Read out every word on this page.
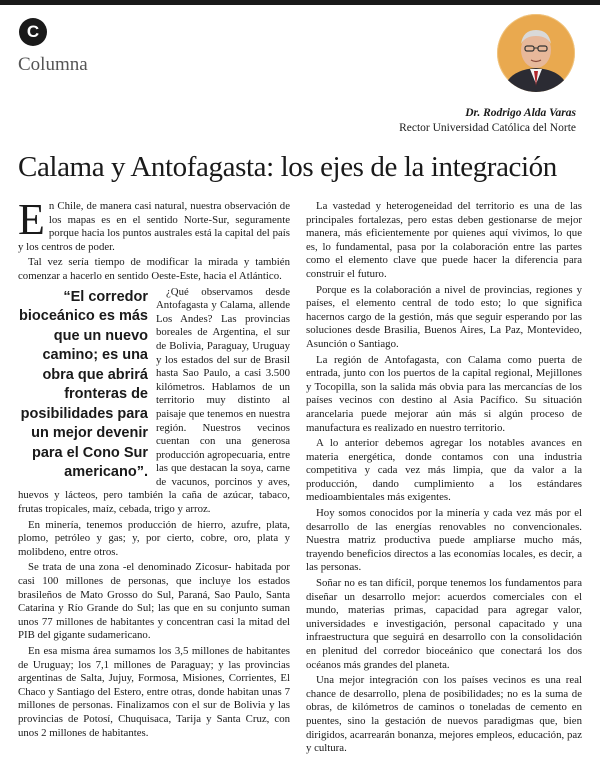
C
Columna
Dr. Rodrigo Alda Varas
Rector Universidad Católica del Norte
Calama y Antofagasta: los ejes de la integración

En Chile, de manera casi natural, nuestra observación de los mapas es en el sentido Norte-Sur, seguramente porque hacia los puntos australes está la capital del país y los centros de poder.

Tal vez sería tiempo de modificar la mirada y también comenzar a hacerlo en sentido Oeste-Este, hacia el Atlántico.

“El corredor bioceánico es más que un nuevo camino; es una obra que abrirá fronteras de posibilidades para un mejor devenir para el Cono Sur americano”.
¿Qué observamos desde Antofagasta y Calama, allende Los Andes? Las provincias boreales de Argentina, el sur de Bolivia, Paraguay, Uruguay y los estados del sur de Brasil hasta Sao Paulo, a casi 3.500 kilómetros. Hablamos de un territorio muy distinto al paisaje que tenemos en nuestra región. Nuestros vecinos cuentan con una generosa producción agropecuaria, entre las que destacan la soya, carne de vacunos, porcinos y aves, huevos y lácteos, pero también la caña de azúcar, tabaco, frutas tropicales, maíz, cebada, trigo y arroz.

En minería, tenemos producción de hierro, azufre, plata, plomo, petróleo y gas; y, por cierto, cobre, oro, plata y molibdeno, entre otros.

Se trata de una zona -el denominado Zicosur- habitada por casi 100 millones de personas, que incluye los estados brasileños de Mato Grosso do Sul, Paraná, Sao Paulo, Santa Catarina y Río Grande do Sul; las que en su conjunto suman unos 77 millones de habitantes y concentran casi la mitad del PIB del gigante sudamericano.

En esa misma área sumamos los 3,5 millones de habitantes de Uruguay; los 7,1 millones de Paraguay; y las provincias argentinas de Salta, Jujuy, Formosa, Misiones, Corrientes, El Chaco y Santiago del Estero, entre otras, donde habitan unas 7 millones de personas. Finalizamos con el sur de Bolivia y las provincias de Potosí, Chuquisaca, Tarija y Santa Cruz, con unos 2 millones de habitantes.

La vastedad y heterogeneidad del territorio es una de las principales fortalezas, pero estas deben gestionarse de mejor manera, más eficientemente por quienes aquí vivimos, lo que es, lo fundamental, pasa por la colaboración entre las partes como el elemento clave que puede hacer la diferencia para construir el futuro.

Porque es la colaboración a nivel de provincias, regiones y países, el elemento central de todo esto; lo que significa hacernos cargo de la gestión, más que seguir esperando por las soluciones desde Brasilia, Buenos Aires, La Paz, Montevideo, Asunción o Santiago.

La región de Antofagasta, con Calama como puerta de entrada, junto con los puertos de la capital regional, Mejillones y Tocopilla, son la salida más obvia para las mercancías de los países vecinos con destino al Asia Pacífico. Su situación arancelaria puede mejorar aún más si algún proceso de manufactura es realizado en nuestro territorio.

A lo anterior debemos agregar los notables avances en materia energética, donde contamos con una industria competitiva y cada vez más limpia, que da valor a la producción, dando cumplimiento a los estándares medioambientales más exigentes.

Hoy somos conocidos por la minería y cada vez más por el desarrollo de las energías renovables no convencionales. Nuestra matriz productiva puede ampliarse mucho más, trayendo beneficios directos a las economías locales, es decir, a las personas.

Soñar no es tan difícil, porque tenemos los fundamentos para diseñar un desarrollo mejor: acuerdos comerciales con el mundo, materias primas, capacidad para agregar valor, universidades e investigación, personal capacitado y una infraestructura que seguirá en desarrollo con la consolidación en plenitud del corredor bioceánico que conectará los dos océanos más grandes del planeta.

Una mejor integración con los países vecinos es una real chance de desarrollo, plena de posibilidades; no es la suma de obras, de kilómetros de caminos o toneladas de cemento en puentes, sino la gestación de nuevos paradigmas que, bien dirigidos, acarrearán bonanza, mejores empleos, educación, paz y cultura.
